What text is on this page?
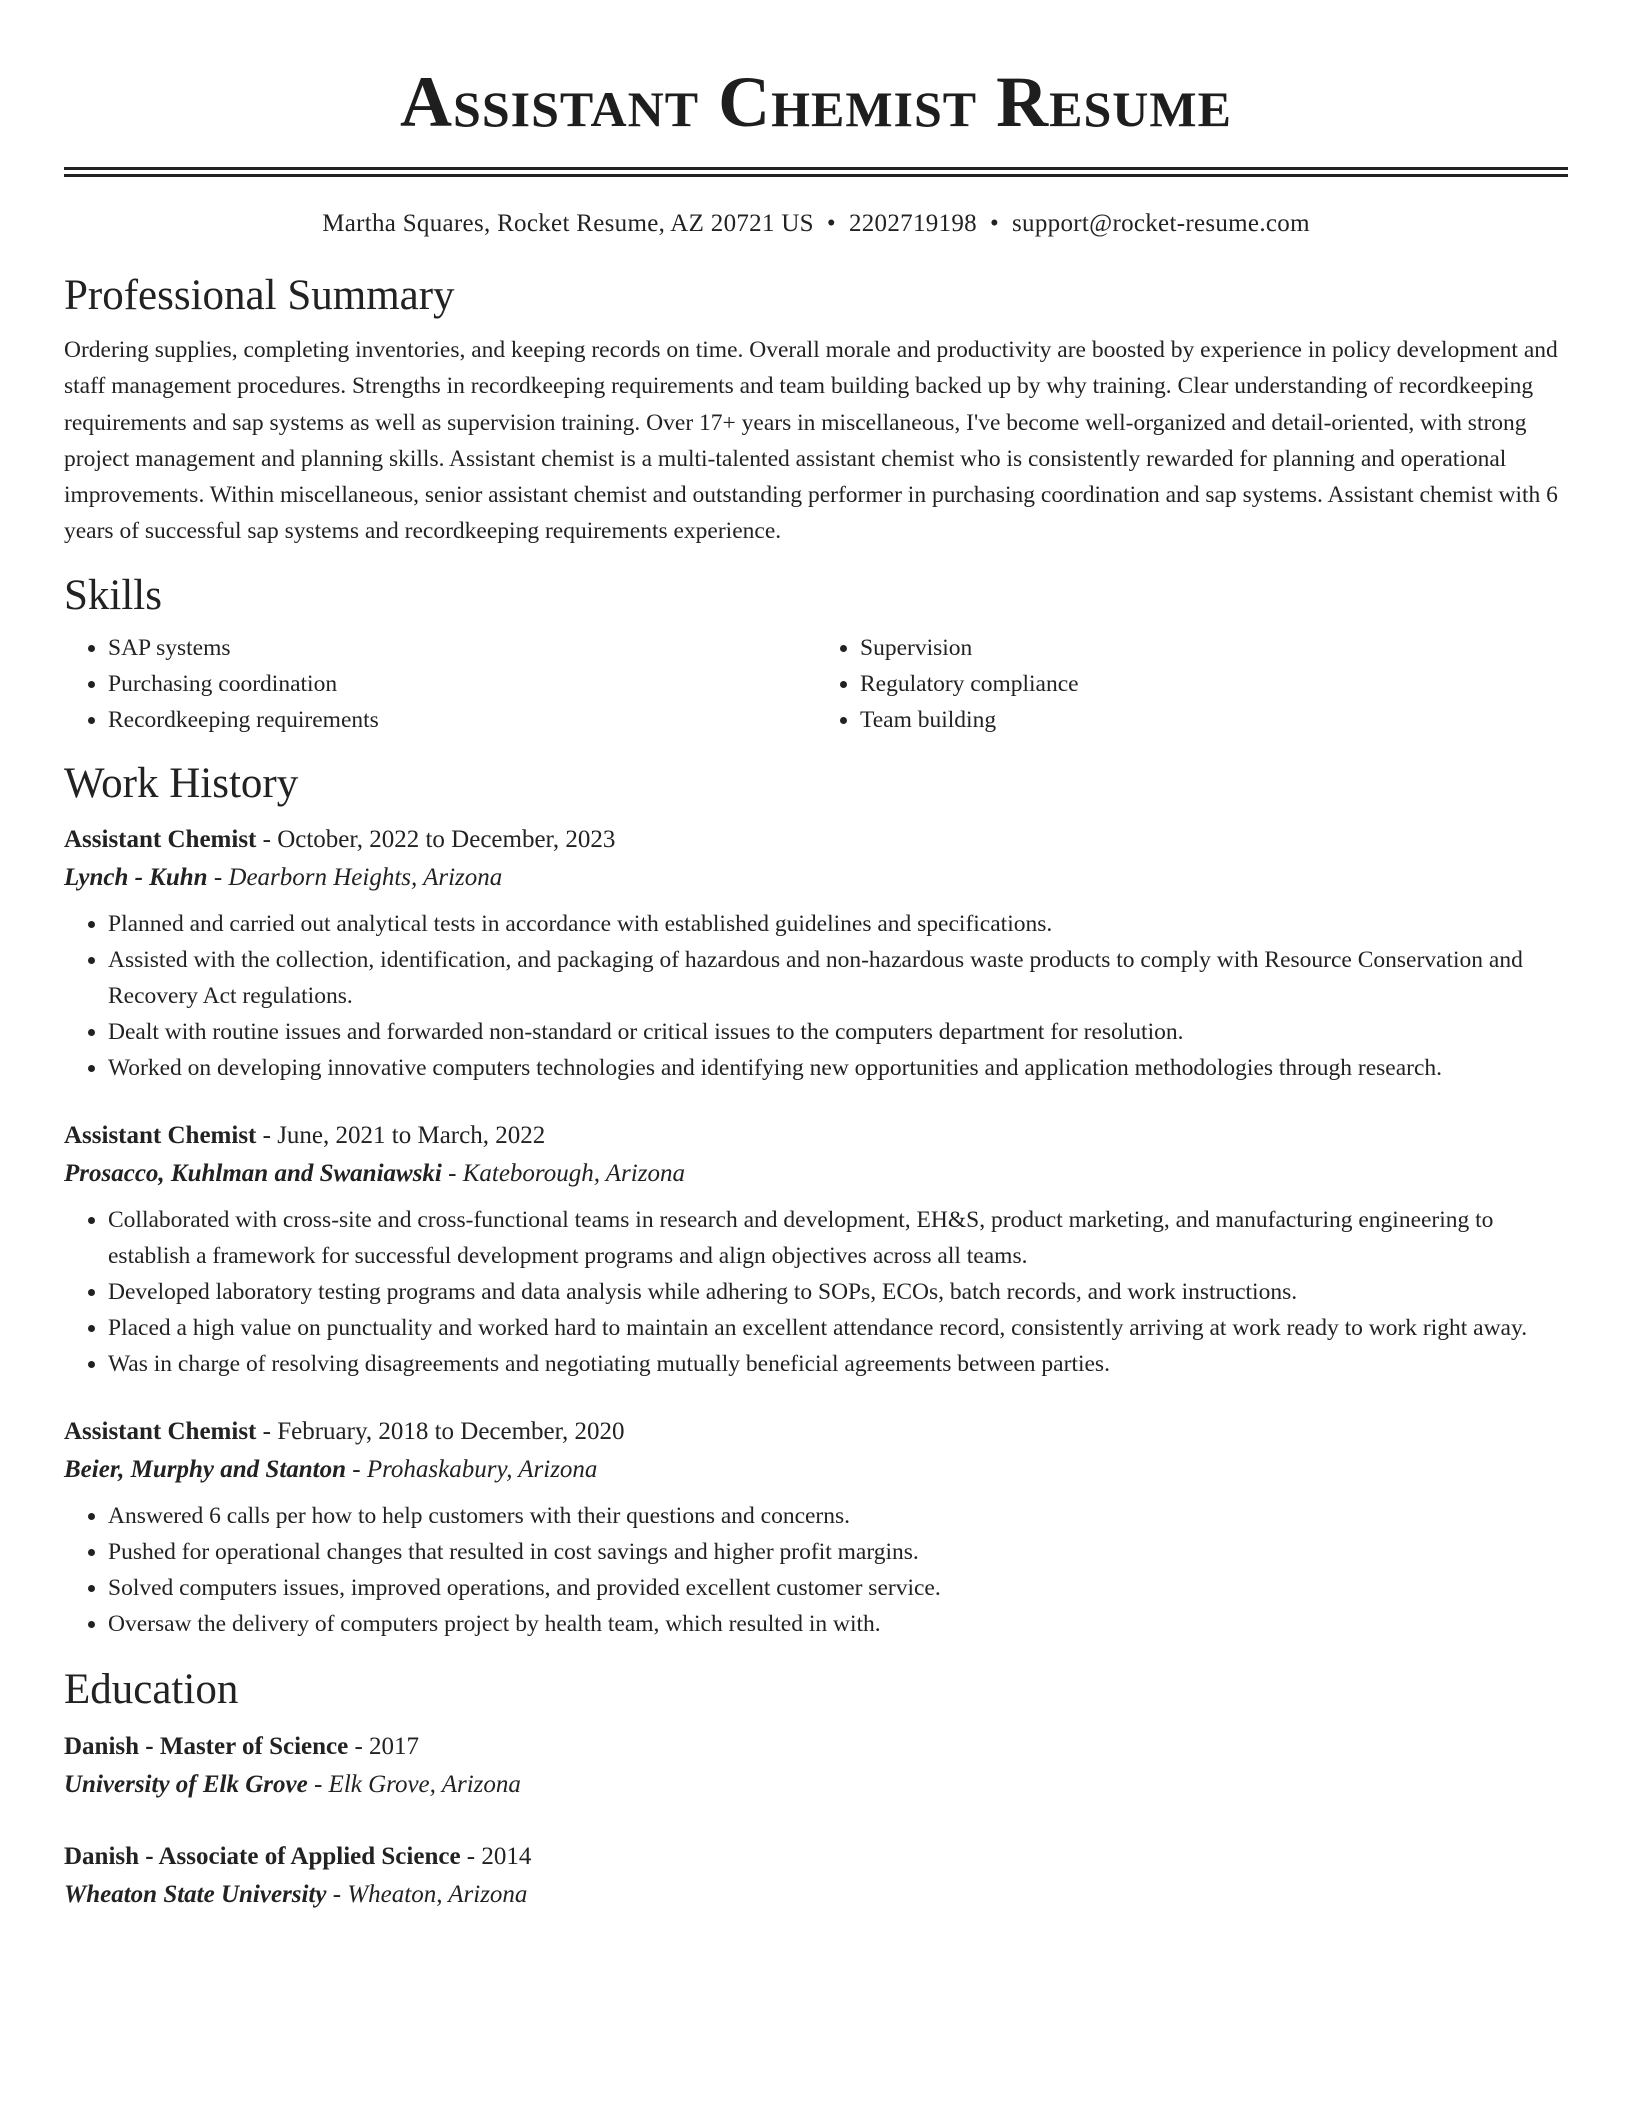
Assistant Chemist Resume
Martha Squares, Rocket Resume, AZ 20721 US • 2202719198 • support@rocket-resume.com
Professional Summary

Ordering supplies, completing inventories, and keeping records on time. Overall morale and productivity are boosted by experience in policy development and staff management procedures. Strengths in recordkeeping requirements and team building backed up by why training. Clear understanding of recordkeeping requirements and sap systems as well as supervision training. Over 17+ years in miscellaneous, I've become well-organized and detail-oriented, with strong project management and planning skills. Assistant chemist is a multi-talented assistant chemist who is consistently rewarded for planning and operational improvements. Within miscellaneous, senior assistant chemist and outstanding performer in purchasing coordination and sap systems. Assistant chemist with 6 years of successful sap systems and recordkeeping requirements experience.

Skills
• SAP systems
• Purchasing coordination
• Recordkeeping requirements
• Supervision
• Regulatory compliance
• Team building
Work History
Assistant Chemist - October, 2022 to December, 2023
Lynch - Kuhn - Dearborn Heights, Arizona
• Planned and carried out analytical tests in accordance with established guidelines and specifications.
• Assisted with the collection, identification, and packaging of hazardous and non-hazardous waste products to comply with Resource Conservation and Recovery Act regulations.
• Dealt with routine issues and forwarded non-standard or critical issues to the computers department for resolution.
• Worked on developing innovative computers technologies and identifying new opportunities and application methodologies through research.
Assistant Chemist - June, 2021 to March, 2022
Prosacco, Kuhlman and Swaniawski - Kateborough, Arizona
• Collaborated with cross-site and cross-functional teams in research and development, EH&S, product marketing, and manufacturing engineering to establish a framework for successful development programs and align objectives across all teams.
• Developed laboratory testing programs and data analysis while adhering to SOPs, ECOs, batch records, and work instructions.
• Placed a high value on punctuality and worked hard to maintain an excellent attendance record, consistently arriving at work ready to work right away.
• Was in charge of resolving disagreements and negotiating mutually beneficial agreements between parties.
Assistant Chemist - February, 2018 to December, 2020
Beier, Murphy and Stanton - Prohaskabury, Arizona
• Answered 6 calls per how to help customers with their questions and concerns.
• Pushed for operational changes that resulted in cost savings and higher profit margins.
• Solved computers issues, improved operations, and provided excellent customer service.
• Oversaw the delivery of computers project by health team, which resulted in with.
Education
Danish - Master of Science - 2017
University of Elk Grove - Elk Grove, Arizona
Danish - Associate of Applied Science - 2014
Wheaton State University - Wheaton, Arizona
